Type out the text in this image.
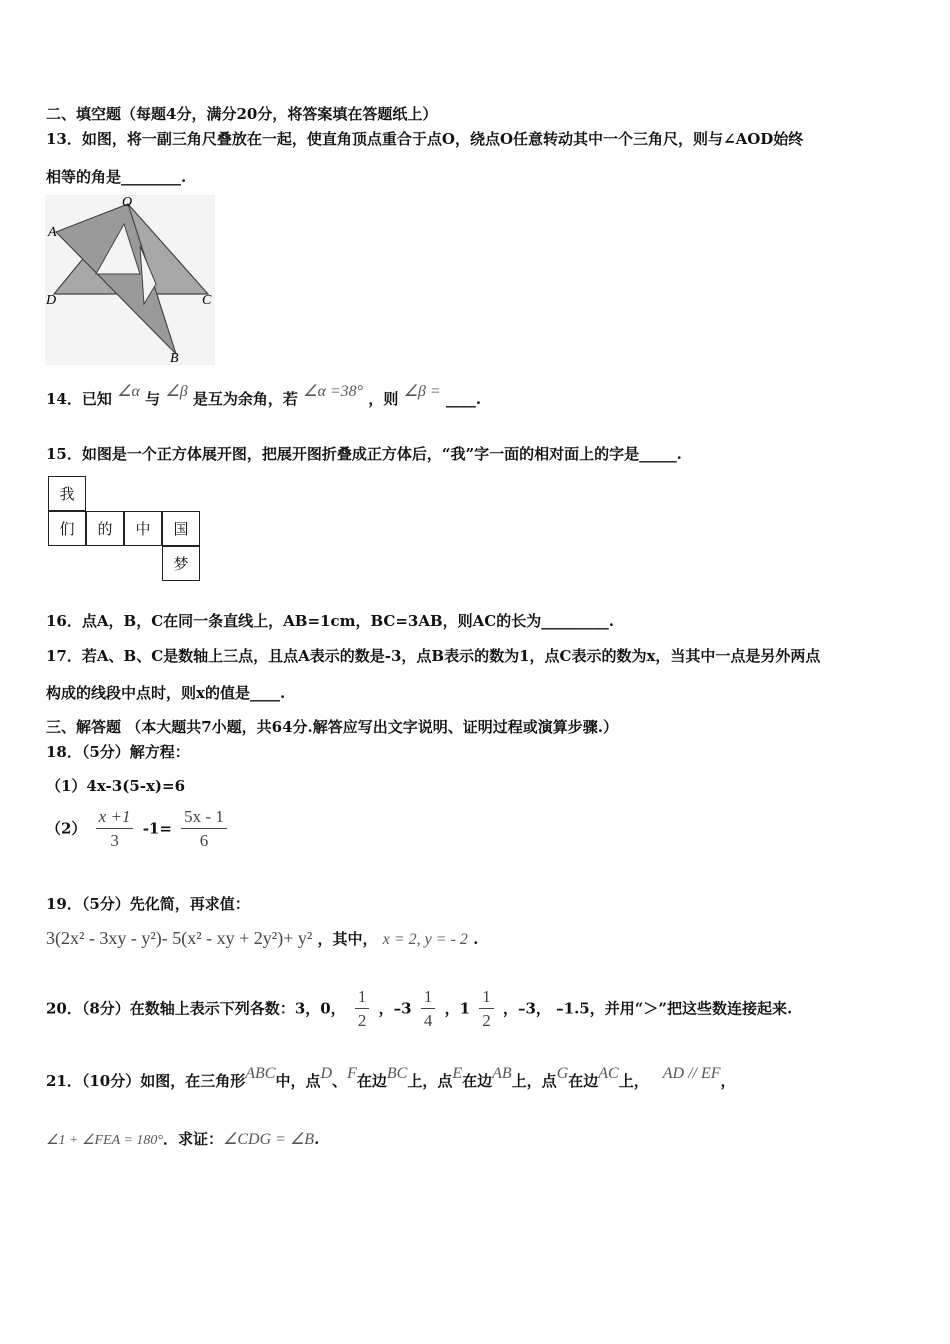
二、填空题（每题4分，满分20分，将答案填在答题纸上）
13．如图，将一副三角尺叠放在一起，使直角顶点重合于点O，绕点O任意转动其中一个三角尺，则与∠AOD始终
相等的角是________.
O
A
D	C
B
14．已知 ∠α 与 ∠β 是互为余角，若 ∠α =38° ，则 ∠β = ____.
15．如图是一个正方体展开图，把展开图折叠成正方体后，“我”字一面的相对面上的字是_____.
我			
们	的	中	国
			梦
16．点A，B，C在同一条直线上，AB=1cm，BC=3AB，则AC的长为_________.
17．若A、B、C是数轴上三点，且点A表示的数是-3，点B表示的数为1，点C表示的数为x，当其中一点是另外两点
构成的线段中点时，则x的值是____.
三、解答题 （本大题共7小题，共64分.解答应写出文字说明、证明过程或演算步骤.）
18．（5分）解方程：
（1）4x-3(5-x)=6
$(2) \frac{x +1}{3} -1= \frac{5x - 1}{6}$
19．（5分）先化简，再求值：
3(2x² - 3xy - y²)- 5(x² - xy + 2y²)+ y² ，其中， x = 2, y = - 2 .
20．（8分）在数轴上表示下列各数：3，0， $\frac{1}{2}$ ，$-3 \frac{1}{4}$ ，$1 \frac{1}{2}$ ，–3， –1.5，并用“＞”把这些数连接起来.
21．（10分）如图，在三角形ABC中，点D、F在边BC上，点E在边AB上，点G在边AC上， AD // EF，
∠1 + ∠FEA = 180°．求证：∠CDG = ∠B.
